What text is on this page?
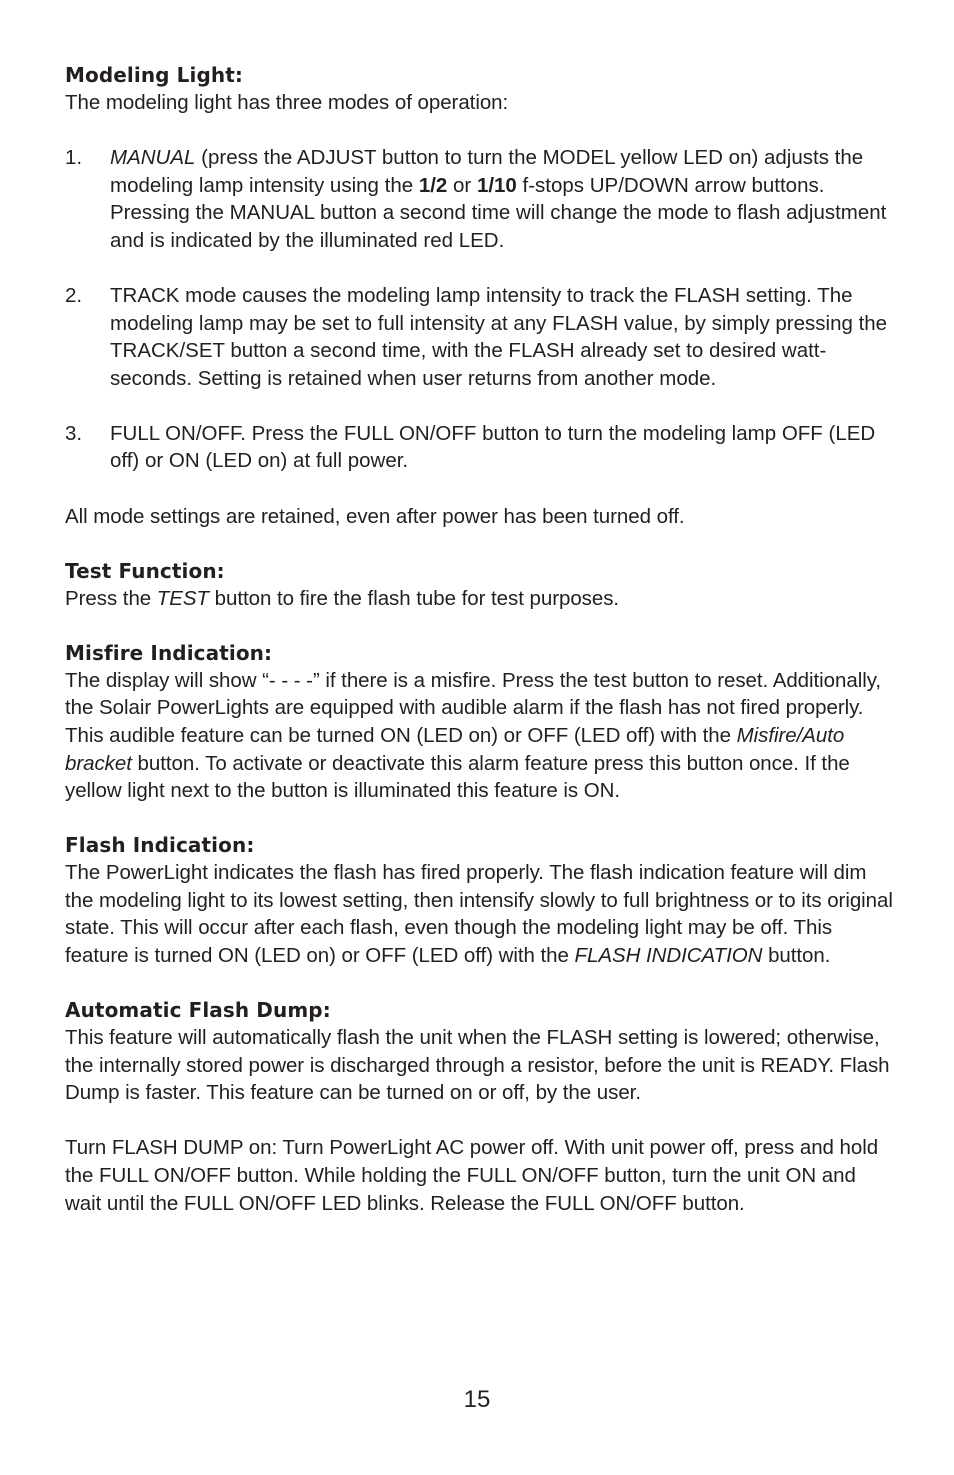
Modeling Light:

The modeling light has three modes of operation:

1.	MANUAL (press the ADJUST button to turn the MODEL yellow LED on) adjusts the modeling lamp intensity using the 1/2 or 1/10 f-stops UP/DOWN arrow buttons. Pressing the MANUAL button a second time will change the mode to flash adjustment and is indicated by the illuminated red LED.
2.	TRACK mode causes the modeling lamp intensity to track the FLASH setting. The modeling lamp may be set to full intensity at any FLASH value, by simply pressing the TRACK/SET button a second time, with the FLASH already set to desired watt-seconds. Setting is retained when user returns from another mode.
3.	FULL ON/OFF. Press the FULL ON/OFF button to turn the modeling lamp OFF (LED off) or ON (LED on) at full power.

All mode settings are retained, even after power has been turned off.

Test Function:

Press the TEST button to fire the flash tube for test purposes.

Misfire Indication:

The display will show “- - - -” if there is a misfire. Press the test button to reset. Additionally, the Solair PowerLights are equipped with audible alarm if the flash has not fired properly. This audible feature can be turned ON (LED on) or OFF (LED off) with the Misfire/Auto bracket button. To activate or deactivate this alarm feature press this button once. If the yellow light next to the button is illuminated this feature is ON.

Flash Indication:

The PowerLight indicates the flash has fired properly. The flash indication feature will dim the modeling light to its lowest setting, then intensify slowly to full brightness or to its original state. This will occur after each flash, even though the modeling light may be off. This feature is turned ON (LED on) or OFF (LED off) with the FLASH INDICATION button.

Automatic Flash Dump:

This feature will automatically flash the unit when the FLASH setting is lowered; otherwise, the internally stored power is discharged through a resistor, before the unit is READY. Flash Dump is faster. This feature can be turned on or off, by the user.

Turn FLASH DUMP on: Turn PowerLight AC power off. With unit power off, press and hold the FULL ON/OFF button. While holding the FULL ON/OFF button, turn the unit ON and wait until the FULL ON/OFF LED blinks. Release the FULL ON/OFF button.

15
